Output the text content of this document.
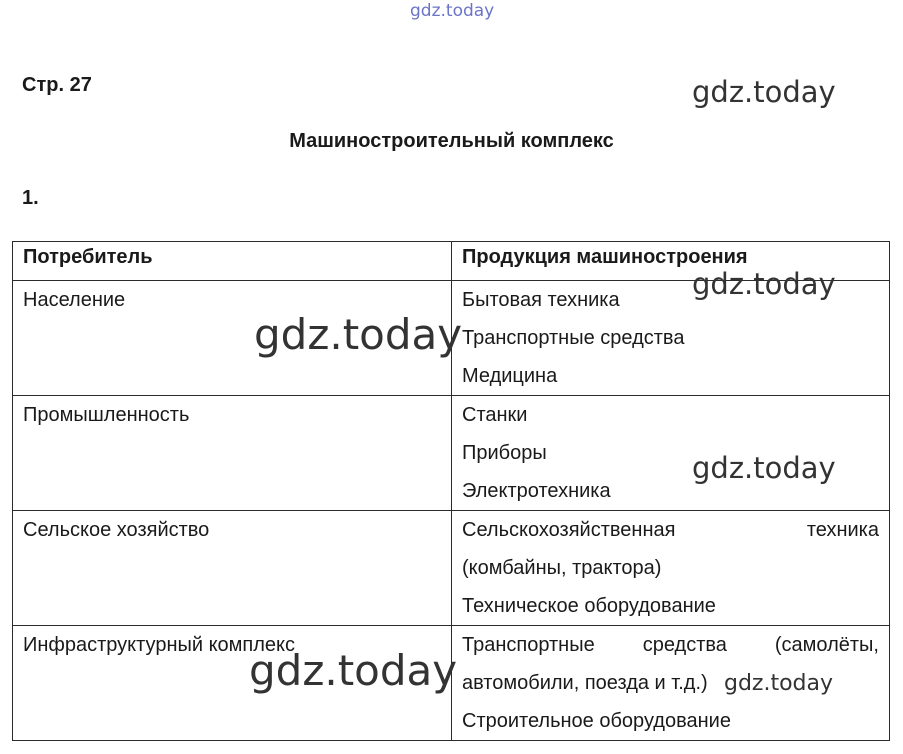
gdz.today
gdz.today
gdz.today
gdz.today
gdz.today
gdz.today	gdz.today

Стр. 27

Машиностроительный комплекс

1.

Потребитель	Продукция машиностроения
Население	Бытовая техника
Транспортные средства
Медицина

Промышленность	Станки
Приборы
Электротехника

Сельское хозяйство	Сельскохозяйственная техника
(комбайны, трактора)
Техническое оборудование

Инфраструктурный комплекс	Транспортные средства (самолёты,
автомобили, поезда и т.д.)
Строительное оборудование
